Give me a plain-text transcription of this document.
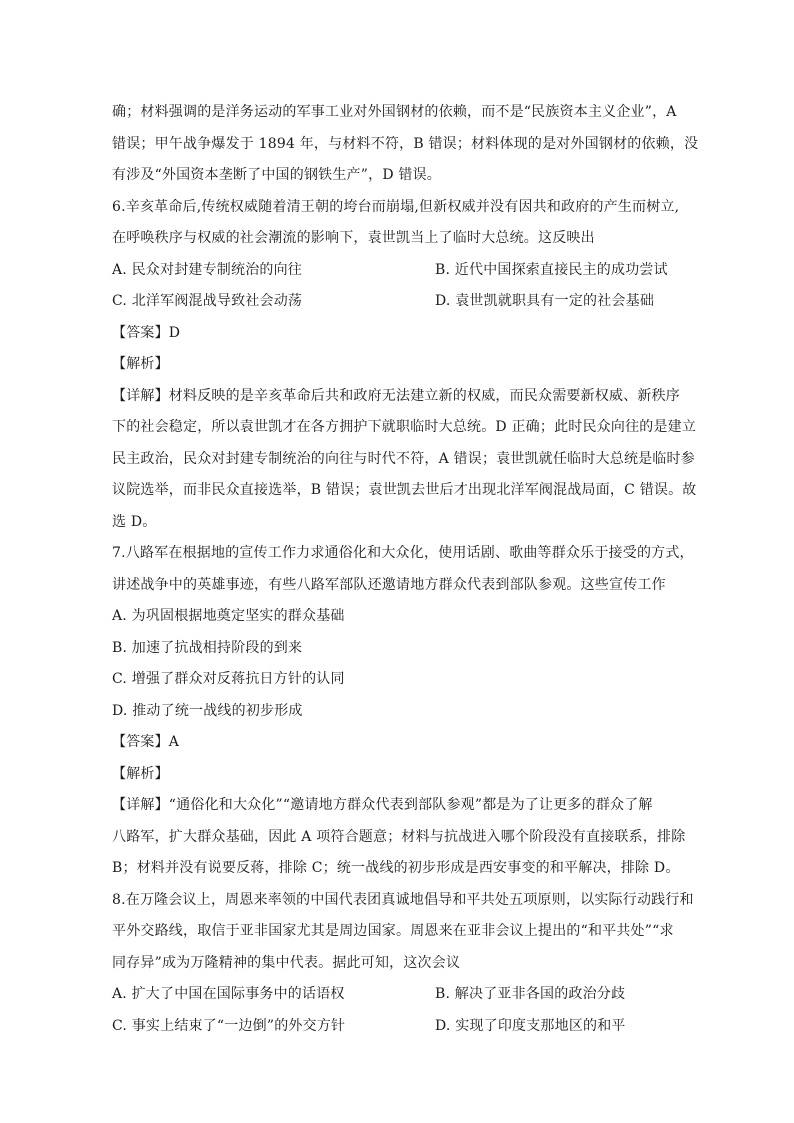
确；材料强调的是洋务运动的军事工业对外国钢材的依赖，而不是“民族资本主义企业”，A
错误；甲午战争爆发于 1894 年，与材料不符，B 错误；材料体现的是对外国钢材的依赖，没
有涉及“外国资本垄断了中国的钢铁生产”，D 错误。
6.辛亥革命后,传统权威随着清王朝的垮台而崩塌,但新权威并没有因共和政府的产生而树立,
在呼唤秩序与权威的社会潮流的影响下，袁世凯当上了临时大总统。这反映出
A. 民众对封建专制统治的向往	B. 近代中国探索直接民主的成功尝试
C. 北洋军阀混战导致社会动荡	D. 袁世凯就职具有一定的社会基础
【答案】D
【解析】
【详解】材料反映的是辛亥革命后共和政府无法建立新的权威，而民众需要新权威、新秩序
下的社会稳定，所以袁世凯才在各方拥护下就职临时大总统。D 正确；此时民众向往的是建立
民主政治，民众对封建专制统治的向往与时代不符，A 错误；袁世凯就任临时大总统是临时参
议院选举，而非民众直接选举，B 错误；袁世凯去世后才出现北洋军阀混战局面，C 错误。故
选 D。
7.八路军在根据地的宣传工作力求通俗化和大众化，使用话剧、歌曲等群众乐于接受的方式，
讲述战争中的英雄事迹，有些八路军部队还邀请地方群众代表到部队参观。这些宣传工作
A. 为巩固根据地奠定坚实的群众基础
B. 加速了抗战相持阶段的到来
C. 增强了群众对反蒋抗日方针的认同
D. 推动了统一战线的初步形成
【答案】A
【解析】
【详解】“通俗化和大众化”“邀请地方群众代表到部队参观”都是为了让更多的群众了解
八路军，扩大群众基础，因此 A 项符合题意；材料与抗战进入哪个阶段没有直接联系，排除
B；材料并没有说要反蒋，排除 C；统一战线的初步形成是西安事变的和平解决，排除 D。
8.在万隆会议上，周恩来率领的中国代表团真诚地倡导和平共处五项原则，以实际行动践行和
平外交路线，取信于亚非国家尤其是周边国家。周恩来在亚非会议上提出的“和平共处”“求
同存异”成为万隆精神的集中代表。据此可知，这次会议
A. 扩大了中国在国际事务中的话语权	B. 解决了亚非各国的政治分歧
C. 事实上结束了“一边倒”的外交方针	D. 实现了印度支那地区的和平
